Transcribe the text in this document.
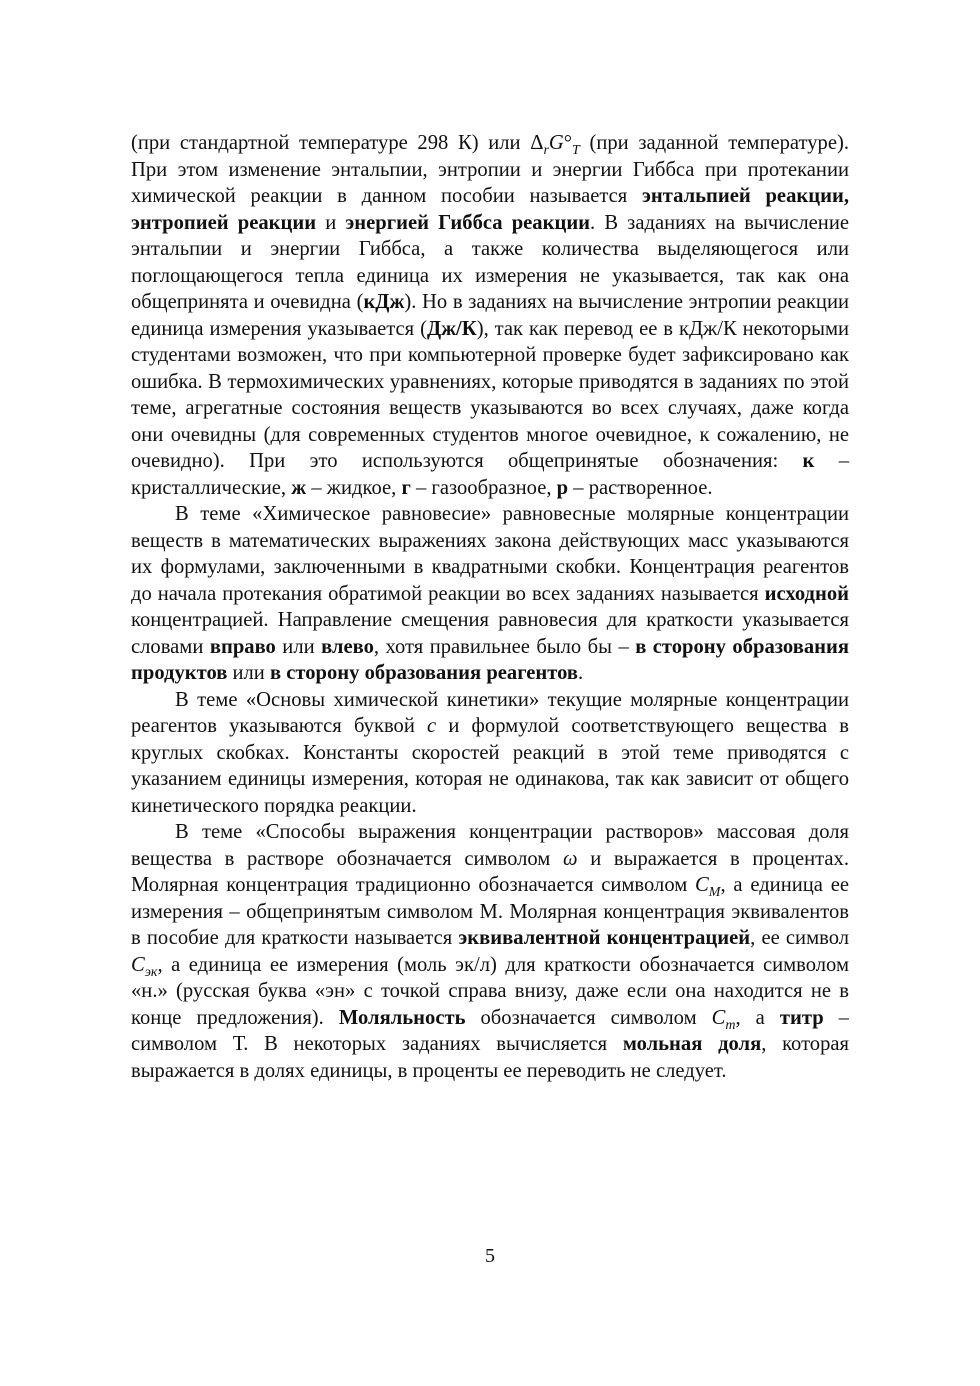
(при стандартной температуре 298 К) или $\Delta_rG^\circ_T$ (при заданной температуре). При этом изменение энтальпии, энтропии и энергии Гиббса при протекании химической реакции в данном пособии называется энтальпией реакции, энтропией реакции и энергией Гиббса реакции. В заданиях на вычисление энтальпии и энергии Гиббса, а также количества выделяющегося или поглощающегося тепла единица их измерения не указывается, так как она общепринята и очевидна (кДж). Но в заданиях на вычисление энтропии реакции единица измерения указывается (Дж/К), так как перевод ее в кДж/К некоторыми студентами возможен, что при компьютерной проверке будет зафиксировано как ошибка. В термохимических уравнениях, которые приводятся в заданиях по этой теме, агрегатные состояния веществ указываются во всех случаях, даже когда они очевидны (для современных студентов многое очевидное, к сожалению, не очевидно). При это используются общепринятые обозначения: к – кристаллические, ж – жидкое, г – газообразное, р – растворенное.

В теме «Химическое равновесие» равновесные молярные концентрации веществ в математических выражениях закона действующих масс указываются их формулами, заключенными в квадратными скобки. Концентрация реагентов до начала протекания обратимой реакции во всех заданиях называется исходной концентрацией. Направление смещения равновесия для краткости указывается словами вправо или влево, хотя правильнее было бы – в сторону образования продуктов или в сторону образования реагентов.

В теме «Основы химической кинетики» текущие молярные концентрации реагентов указываются буквой с и формулой соответствующего вещества в круглых скобках. Константы скоростей реакций в этой теме приводятся с указанием единицы измерения, которая не одинакова, так как зависит от общего кинетического порядка реакции.

В теме «Способы выражения концентрации растворов» массовая доля вещества в растворе обозначается символом ω и выражается в процентах. Молярная концентрация традиционно обозначается символом $С_M$, а единица ее измерения – общепринятым символом М. Молярная концентрация эквивалентов в пособие для краткости называется эквивалентной концентрацией, ее символ $С_{эк}$, а единица ее измерения (моль эк/л) для краткости обозначается символом «н.» (русская буква «эн» с точкой справа внизу, даже если она находится не в конце предложения). Моляльность обозначается символом $С_m$, а титр – символом Т. В некоторых заданиях вычисляется мольная доля, которая выражается в долях единицы, в проценты ее переводить не следует.

5
